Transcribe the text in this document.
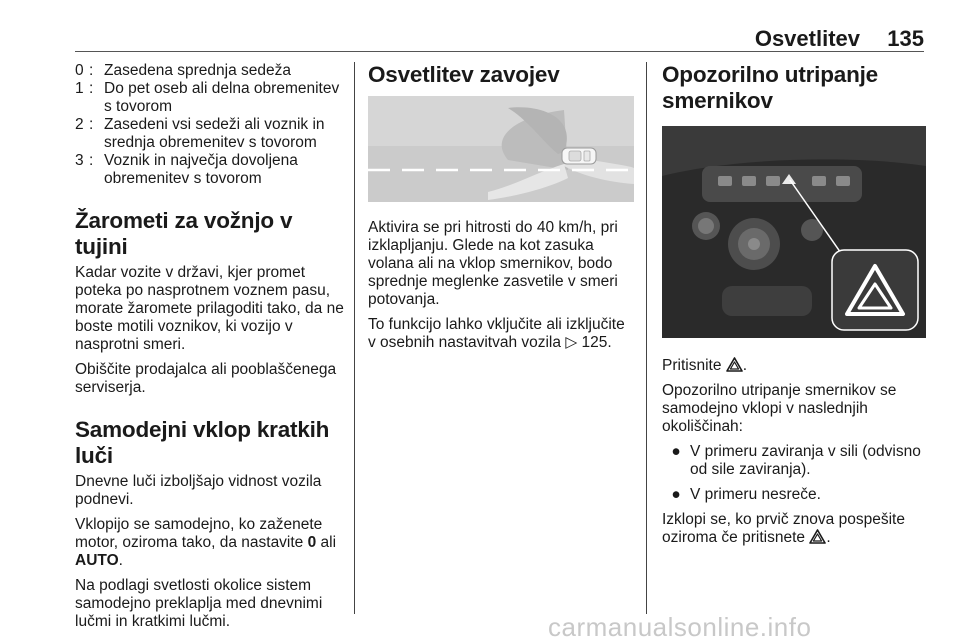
Osvetlitev 135
0 : Zasedena sprednja sedeža
1 : Do pet oseb ali delna obremenitev s tovorom
2 : Zasedeni vsi sedeži ali voznik in srednja obremenitev s tovorom
3 : Voznik in največja dovoljena obremenitev s tovorom
Žarometi za vožnjo v tujini

Kadar vozite v državi, kjer promet poteka po nasprotnem voznem pasu, morate žaromete prilagoditi tako, da ne boste motili voznikov, ki vozijo v nasprotni smeri.

Obiščite prodajalca ali pooblaščenega serviserja.

Samodejni vklop kratkih luči

Dnevne luči izboljšajo vidnost vozila podnevi.

Vklopijo se samodejno, ko zaženete motor, oziroma tako, da nastavite 0 ali AUTO.

Na podlagi svetlosti okolice sistem samodejno preklaplja med dnevnimi lučmi in kratkimi lučmi.

Osvetlitev zavojev

Aktivira se pri hitrosti do 40 km/h, pri izklapljanju. Glede na kot zasuka volana ali na vklop smernikov, bodo sprednje meglenke zasvetile v smeri potovanja.

To funkcijo lahko vključite ali izključite v osebnih nastavitvah vozila ▷ 125.

Opozorilno utripanje smernikov

Pritisnite .

Opozorilno utripanje smernikov se samodejno vklopi v naslednjih okoliščinah:

● V primeru zaviranja v sili (odvisno od sile zaviranja).
● V primeru nesreče.

Izklopi se, ko prvič znova pospešite oziroma če pritisnete .

carmanualsonline.info
